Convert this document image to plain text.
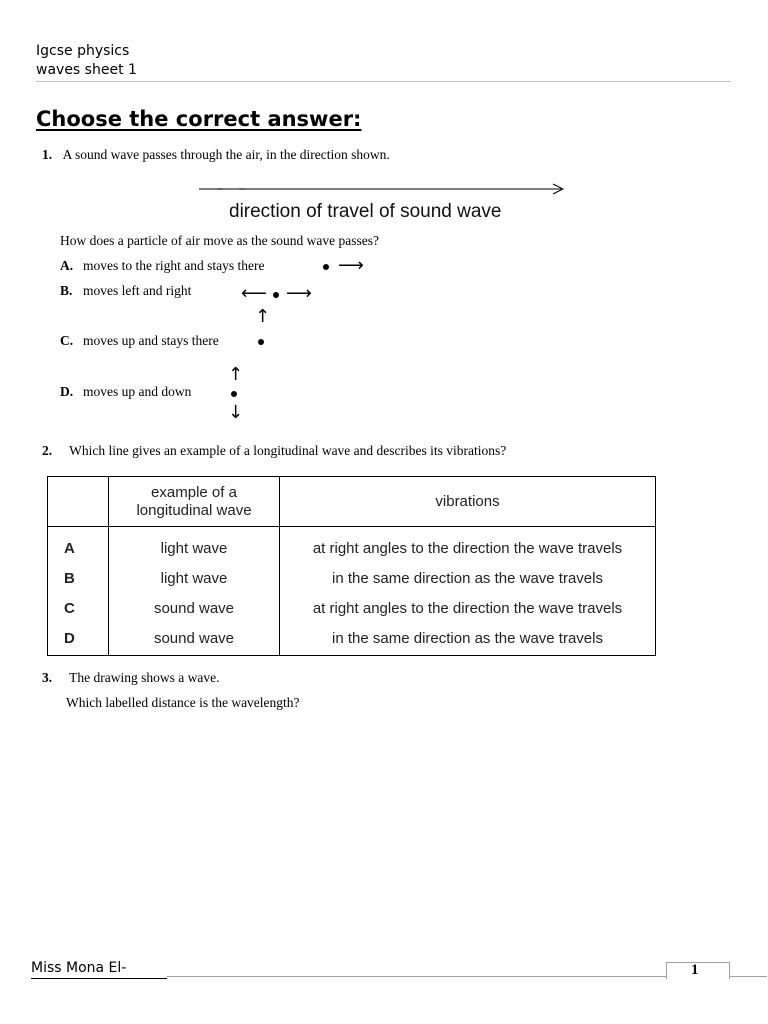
Igcse physics
waves sheet 1
Choose the correct answer:
1. A sound wave passes through the air, in the direction shown.
direction of travel of sound wave
How does a particle of air move as the sound wave passes?
A. moves to the right and stays there	⟶
B. moves left and right	⟵ ⟶
↑
C. moves up and stays there
↑
D. moves up and down
↓
2. Which line gives an example of a longitudinal wave and describes its vibrations?
	example of a longitudinal wave	vibrations
A	light wave	at right angles to the direction the wave travels
B	light wave	in the same direction as the wave travels
C	sound wave	at right angles to the direction the wave travels
D	sound wave	in the same direction as the wave travels
3. The drawing shows a wave.
Which labelled distance is the wavelength?
Miss Mona El-	1
